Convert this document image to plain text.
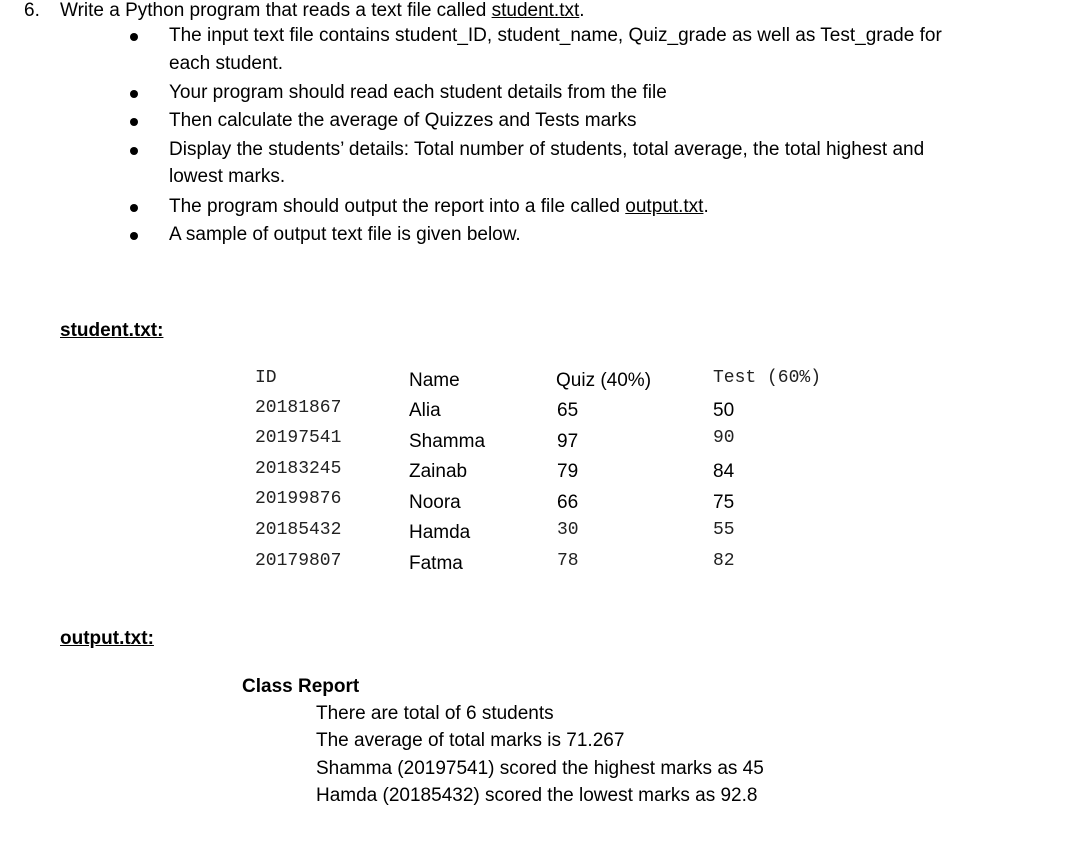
6. Write a Python program that reads a text file called student.txt.
The input text file contains student_ID, student_name, Quiz_grade as well as Test_grade for
each student.
Your program should read each student details from the file
Then calculate the average of Quizzes and Tests marks
Display the students’ details: Total number of students, total average, the total highest and
lowest marks.
The program should output the report into a file called output.txt.
A sample of output text file is given below.
student.txt:
ID	Name	Quiz (40%)	Test (60%)
20181867	Alia	65	50
20197541	Shamma	97	90
20183245	Zainab	79	84
20199876	Noora	66	75
20185432	Hamda	30	55
20179807	Fatma	78	82
output.txt:
Class Report
There are total of 6 students
The average of total marks is 71.267
Shamma (20197541) scored the highest marks as 45
Hamda (20185432) scored the lowest marks as 92.8
